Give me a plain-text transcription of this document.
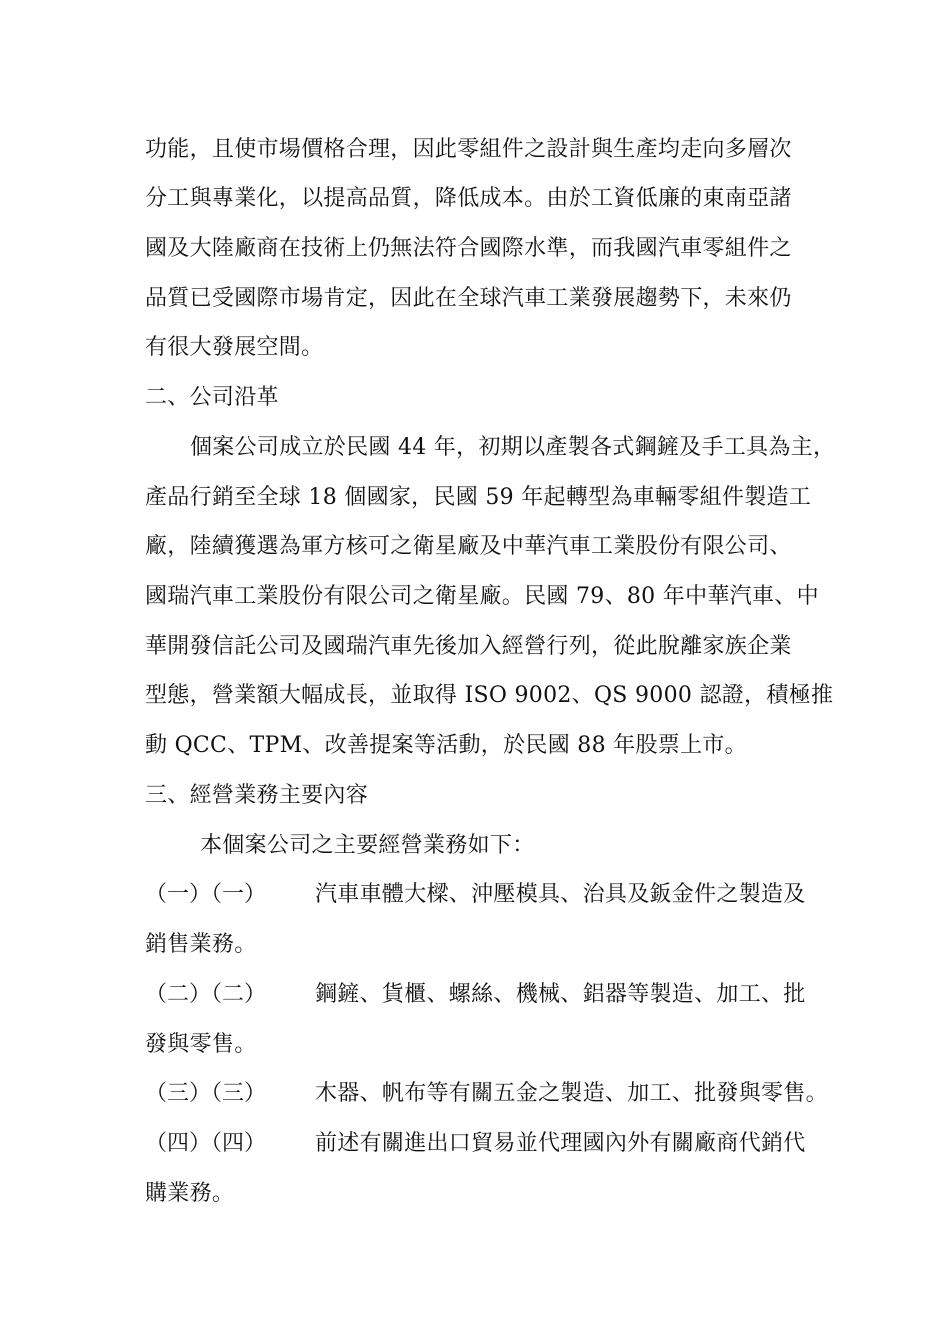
功能，且使市場價格合理，因此零組件之設計與生產均走向多層次
分工與專業化，以提高品質，降低成本。由於工資低廉的東南亞諸
國及大陸廠商在技術上仍無法符合國際水準，而我國汽車零組件之
品質已受國際市場肯定，因此在全球汽車工業發展趨勢下，未來仍
有很大發展空間。
二、公司沿革
個案公司成立於民國 44 年，初期以產製各式鋼鏟及手工具為主，
產品行銷至全球 18 個國家，民國 59 年起轉型為車輛零組件製造工
廠，陸續獲選為軍方核可之衛星廠及中華汽車工業股份有限公司、
國瑞汽車工業股份有限公司之衛星廠。民國 79、80 年中華汽車、中
華開發信託公司及國瑞汽車先後加入經營行列，從此脫離家族企業
型態，營業額大幅成長，並取得 ISO 9002、QS 9000 認證，積極推
動 QCC、TPM、改善提案等活動，於民國 88 年股票上市。
三、經營業務主要內容
本個案公司之主要經營業務如下：
（一）（一） 汽車車體大樑、沖壓模具、治具及鈑金件之製造及
銷售業務。
（二）（二） 鋼鏟、貨櫃、螺絲、機械、鋁器等製造、加工、批
發與零售。
（三）（三） 木器、帆布等有關五金之製造、加工、批發與零售。
（四）（四） 前述有關進出口貿易並代理國內外有關廠商代銷代
購業務。
